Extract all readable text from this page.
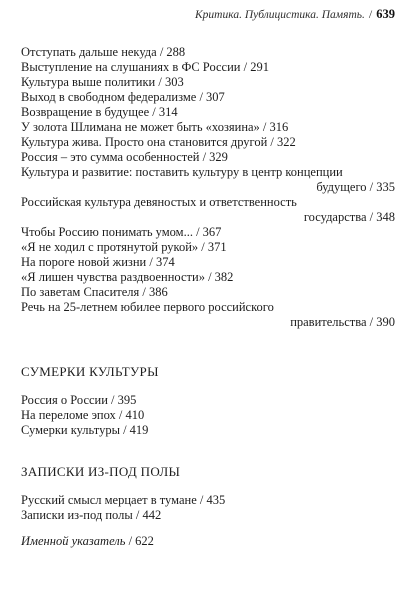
Критика. Публицистика. Память. / 639
Отступать дальше некуда / 288
Выступление на слушаниях в ФС России / 291
Культура выше политики / 303
Выход в свободном федерализме / 307
Возвращение в будущее / 314
У золота Шлимана не может быть «хозяина» / 316
Культура жива. Просто она становится другой / 322
Россия – это сумма особенностей / 329
Культура и развитие: поставить культуру в центр концепции
будущего / 335
Российская культура девяностых и ответственность
государства / 348
Чтобы Россию понимать умом... / 367
«Я не ходил с протянутой рукой» / 371
На пороге новой жизни / 374
«Я лишен чувства раздвоенности» / 382
По заветам Спасителя / 386
Речь на 25-летнем юбилее первого российского
правительства / 390
СУМЕРКИ КУЛЬТУРЫ
Россия о России / 395
На переломе эпох / 410
Сумерки культуры / 419
ЗАПИСКИ ИЗ-ПОД ПОЛЫ
Русский смысл мерцает в тумане / 435
Записки из-под полы / 442
Именной указатель / 622
